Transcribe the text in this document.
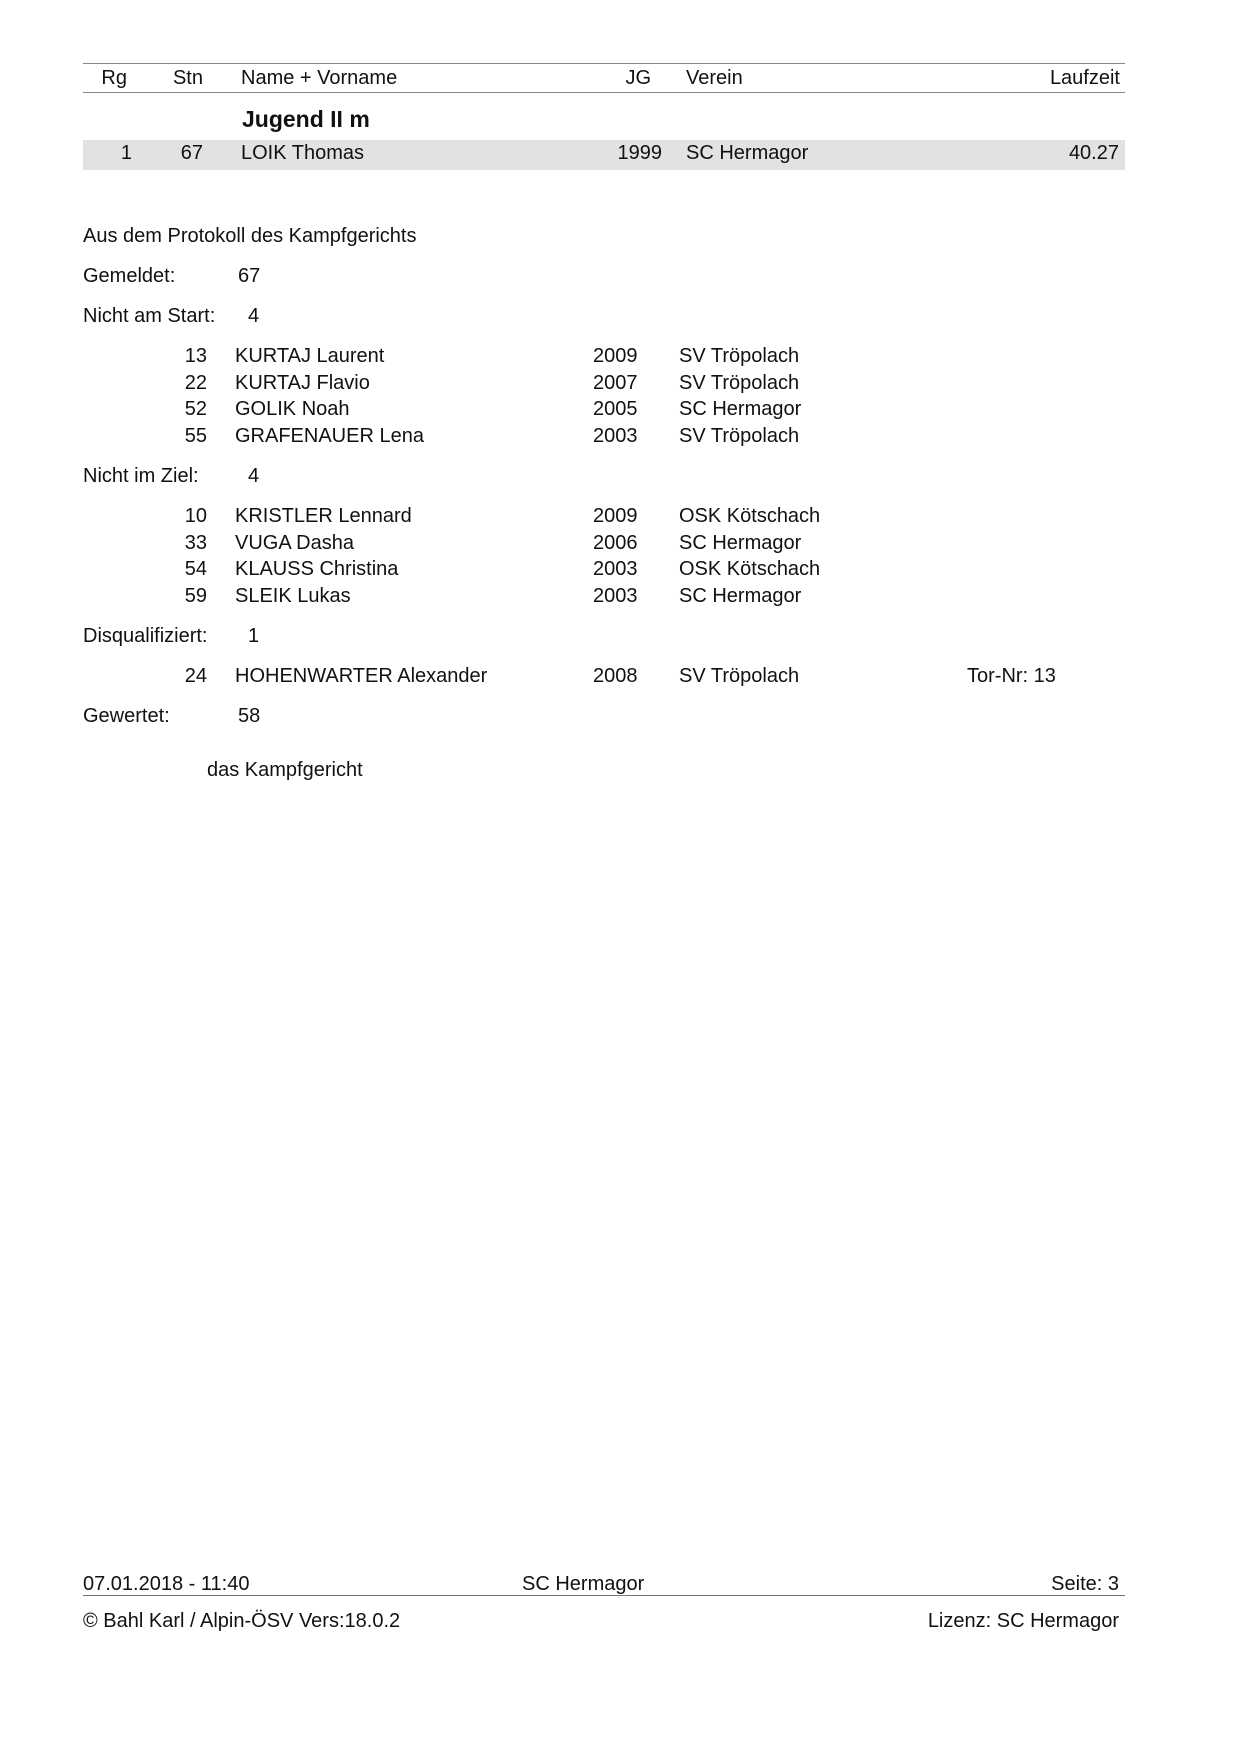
Rg	Stn Name + Vorname	JG Verein	Laufzeit
Jugend II m
1	67 LOIK Thomas	1999 SC Hermagor	40.27
Aus dem Protokoll des Kampfgerichts
Gemeldet:	67
Nicht am Start: 4
13 KURTAJ Laurent	2009 SV Tröpolach
22 KURTAJ Flavio	2007 SV Tröpolach
52 GOLIK Noah	2005 SC Hermagor
55 GRAFENAUER Lena	2003 SV Tröpolach
Nicht im Ziel: 4
10 KRISTLER Lennard	2009 OSK Kötschach
33 VUGA Dasha	2006 SC Hermagor
54 KLAUSS Christina	2003 OSK Kötschach
59 SLEIK Lukas	2003 SC Hermagor
Disqualifiziert: 1
24 HOHENWARTER Alexander	2008 SV Tröpolach	Tor-Nr: 13
Gewertet:	58
das Kampfgericht
07.01.2018 - 11:40	SC Hermagor	Seite: 3
© Bahl Karl / Alpin-ÖSV Vers:18.0.2	Lizenz: SC Hermagor
